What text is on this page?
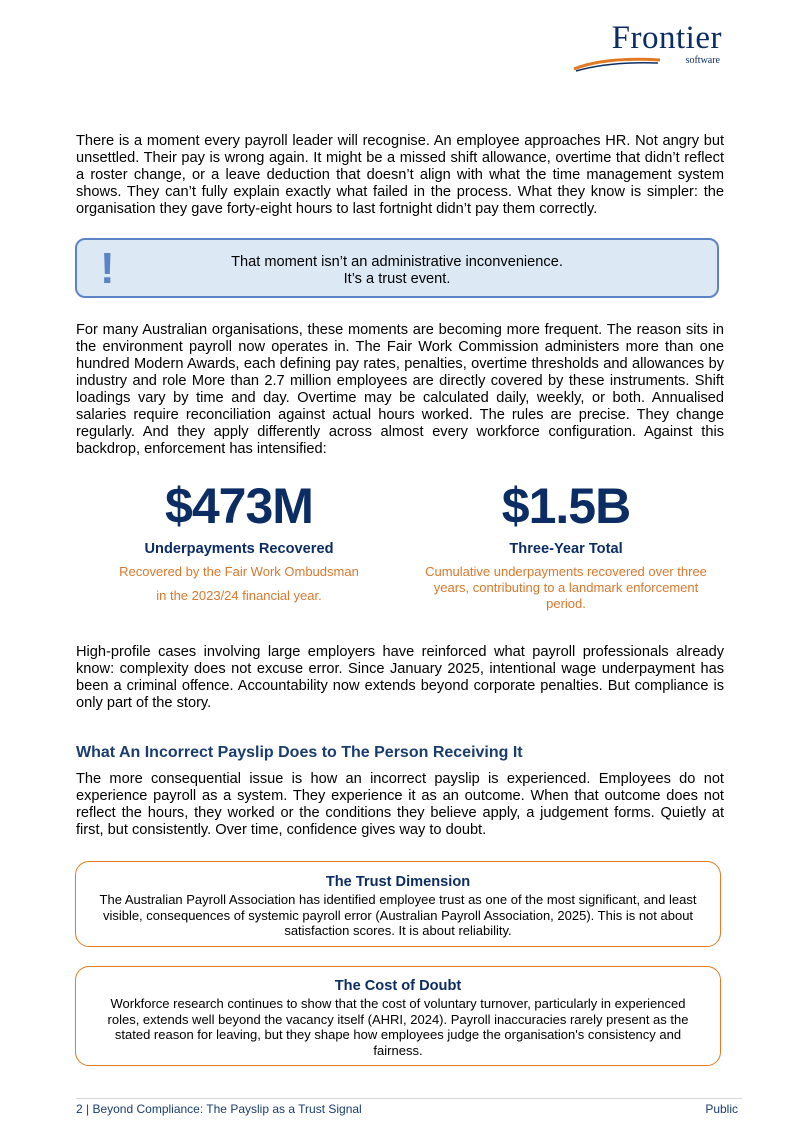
Frontier
software

There is a moment every payroll leader will recognise. An employee approaches HR. Not angry but unsettled. Their pay is wrong again. It might be a missed shift allowance, overtime that didn’t reflect a roster change, or a leave deduction that doesn’t align with what the time management system shows. They can’t fully explain exactly what failed in the process. What they know is simpler: the organisation they gave forty-eight hours to last fortnight didn’t pay them correctly.

!	That moment isn’t an administrative inconvenience.
It’s a trust event.

For many Australian organisations, these moments are becoming more frequent. The reason sits in the environment payroll now operates in. The Fair Work Commission administers more than one hundred Modern Awards, each defining pay rates, penalties, overtime thresholds and allowances by industry and role More than 2.7 million employees are directly covered by these instruments. Shift loadings vary by time and day. Overtime may be calculated daily, weekly, or both. Annualised salaries require reconciliation against actual hours worked. The rules are precise. They change regularly. And they apply differently across almost every workforce configuration. Against this backdrop, enforcement has intensified:

$473M
Underpayments Recovered
Recovered by the Fair Work Ombudsman
in the 2023/24 financial year.
$1.5B
Three-Year Total
Cumulative underpayments recovered over three years, contributing to a landmark enforcement period.

High-profile cases involving large employers have reinforced what payroll professionals already know: complexity does not excuse error. Since January 2025, intentional wage underpayment has been a criminal offence. Accountability now extends beyond corporate penalties. But compliance is only part of the story.

What An Incorrect Payslip Does to The Person Receiving It

The more consequential issue is how an incorrect payslip is experienced. Employees do not experience payroll as a system. They experience it as an outcome. When that outcome does not reflect the hours, they worked or the conditions they believe apply, a judgement forms. Quietly at first, but consistently. Over time, confidence gives way to doubt.

The Trust Dimension
The Australian Payroll Association has identified employee trust as one of the most significant, and least visible, consequences of systemic payroll error (Australian Payroll Association, 2025). This is not about satisfaction scores. It is about reliability.
The Cost of Doubt
Workforce research continues to show that the cost of voluntary turnover, particularly in experienced roles, extends well beyond the vacancy itself (AHRI, 2024). Payroll inaccuracies rarely present as the stated reason for leaving, but they shape how employees judge the organisation's consistency and fairness.
2 | Beyond Compliance: The Payslip as a Trust Signal	Public
